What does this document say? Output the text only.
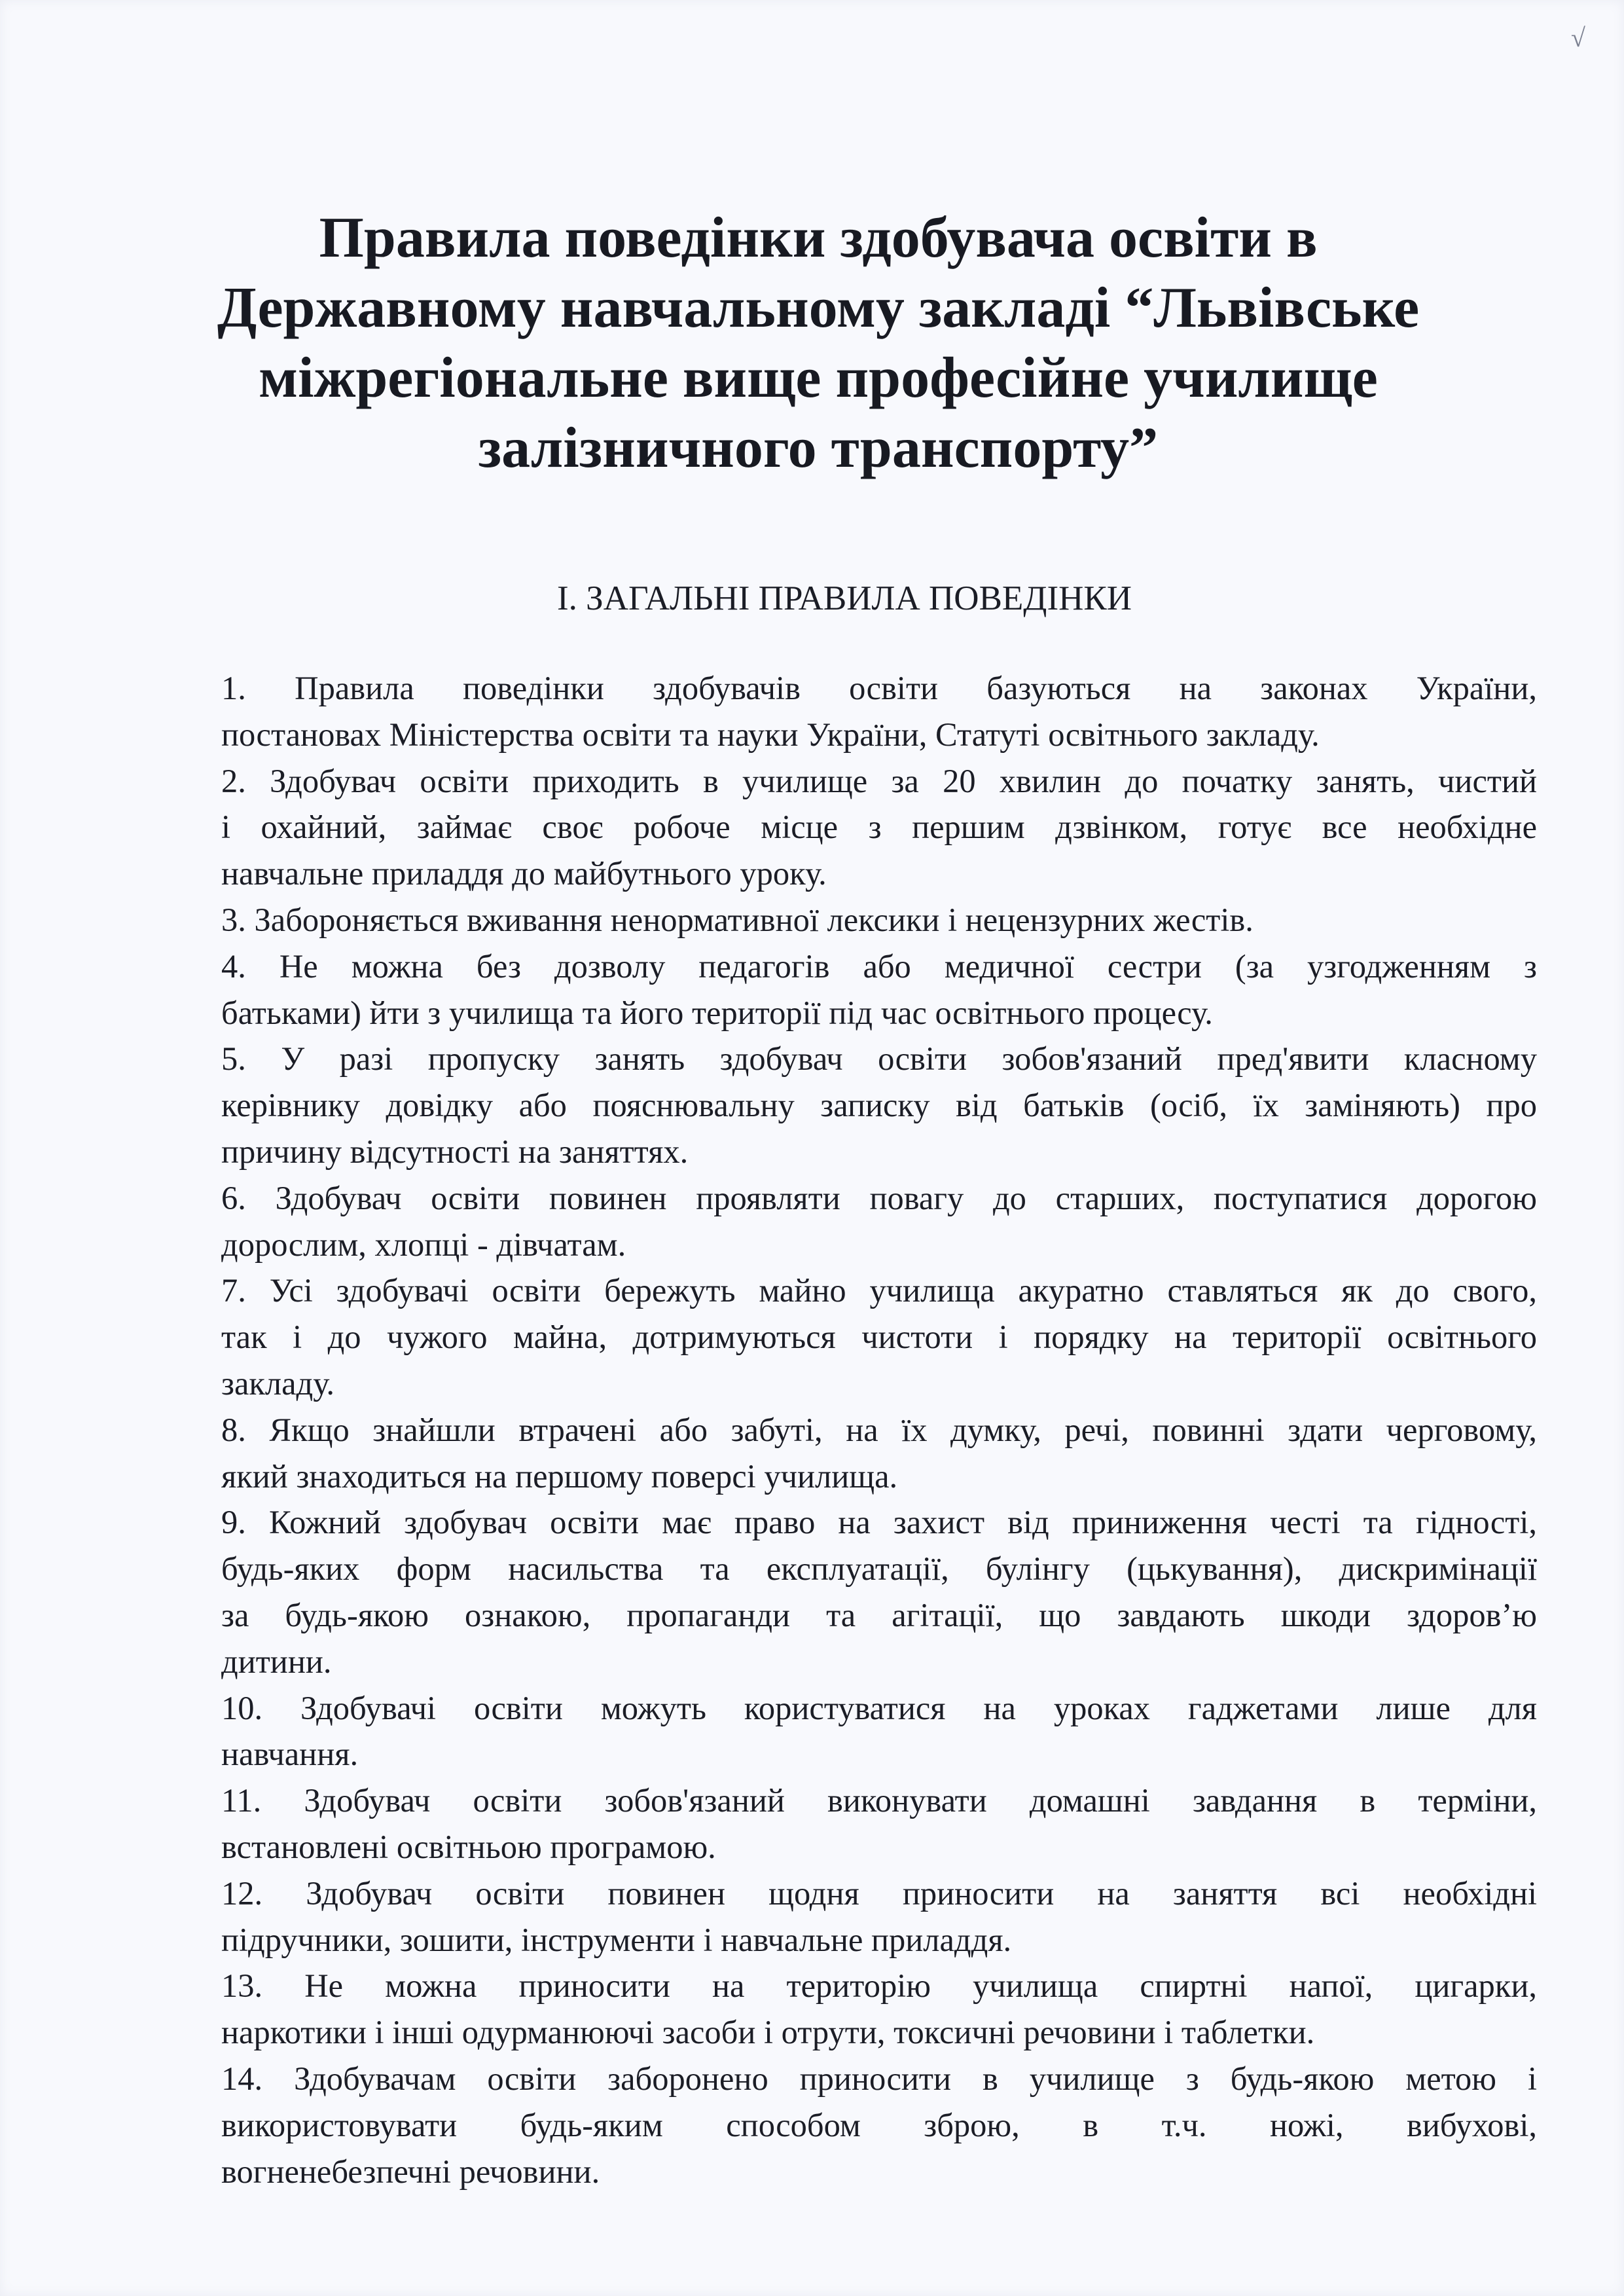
√
Правила поведінки здобувача освіти в
Державному навчальному закладі “Львівське
міжрегіональне вище професійне училище
залізничного транспорту”
І. ЗАГАЛЬНІ ПРАВИЛА ПОВЕДІНКИ
1. Правила поведінки здобувачів освіти базуються на законах України,
постановах Міністерства освіти та науки України, Статуті освітнього закладу.
2. Здобувач освіти приходить в училище за 20 хвилин до початку занять, чистий
і охайний, займає своє робоче місце з першим дзвінком, готує все необхідне
навчальне приладдя до майбутнього уроку.
3. Забороняється вживання ненормативної лексики і нецензурних жестів.
4. Не можна без дозволу педагогів або медичної сестри (за узгодженням з
батьками) йти з училища та його території під час освітнього процесу.
5. У разі пропуску занять здобувач освіти зобов'язаний пред'явити класному
керівнику довідку або пояснювальну записку від батьків (осіб, їх заміняють) про
причину відсутності на заняттях.
6. Здобувач освіти повинен проявляти повагу до старших, поступатися дорогою
дорослим, хлопці - дівчатам.
7. Усі здобувачі освіти бережуть майно училища акуратно ставляться як до свого,
так і до чужого майна, дотримуються чистоти і порядку на території освітнього
закладу.
8. Якщо знайшли втрачені або забуті, на їх думку, речі, повинні здати черговому,
який знаходиться на першому поверсі училища.
9. Кожний здобувач освіти має право на захист від приниження честі та гідності,
будь-яких форм насильства та експлуатації, булінгу (цькування), дискримінації
за будь-якою ознакою, пропаганди та агітації, що завдають шкоди здоров’ю
дитини.
10. Здобувачі освіти можуть користуватися на уроках гаджетами лише для
навчання.
11. Здобувач освіти зобов'язаний виконувати домашні завдання в терміни,
встановлені освітньою програмою.
12. Здобувач освіти повинен щодня приносити на заняття всі необхідні
підручники, зошити, інструменти і навчальне приладдя.
13. Не можна приносити на територію училища спиртні напої, цигарки,
наркотики і інші одурманюючі засоби і отрути, токсичні речовини і таблетки.
14. Здобувачам освіти заборонено приносити в училище з будь-якою метою і
використовувати будь-яким способом зброю, в т.ч. ножі, вибухові,
вогненебезпечні речовини.
